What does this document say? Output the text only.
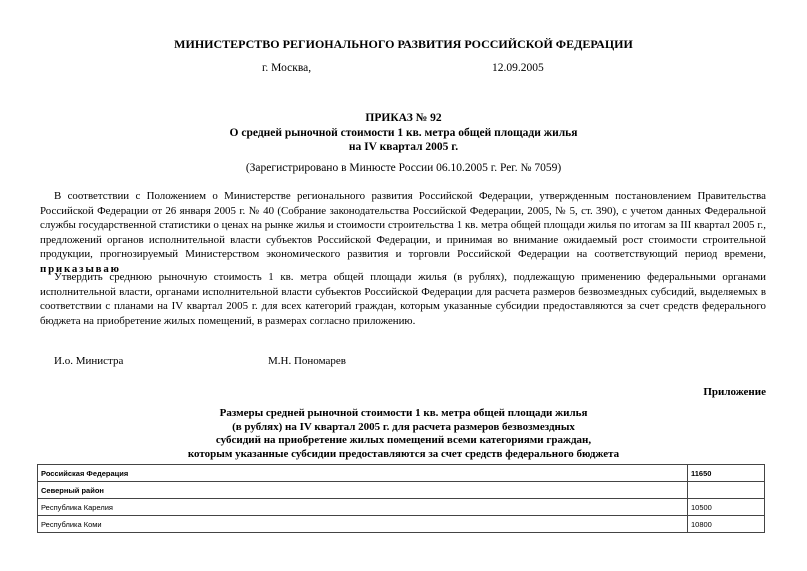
МИНИСТЕРСТВО РЕГИОНАЛЬНОГО РАЗВИТИЯ РОССИЙСКОЙ ФЕДЕРАЦИИ
г. Москва,	12.09.2005
ПРИКАЗ № 92
О средней рыночной стоимости 1 кв. метра общей площади жилья
на IV квартал 2005 г.
(Зарегистрировано в Минюсте России 06.10.2005 г. Рег. № 7059)
В соответствии с Положением о Министерстве регионального развития Российской Федерации, утвержденным постановлением Правительства Российской Федерации от 26 января 2005 г. № 40 (Собрание законодательства Российской Федерации, 2005, № 5, ст. 390), с учетом данных Федеральной службы государственной статистики о ценах на рынке жилья и стоимости строительства 1 кв. метра общей площади жилья по итогам за III квартал 2005 г., предложений органов исполнительной власти субъектов Российской Федерации, и принимая во внимание ожидаемый рост стоимости строительной продукции, прогнозируемый Министерством экономического развития и торговли Российской Федерации на соответствующий период времени, приказываю
Утвердить среднюю рыночную стоимость 1 кв. метра общей площади жилья (в рублях), подлежащую применению федеральными органами исполнительной власти, органами исполнительной власти субъектов Российской Федерации для расчета размеров безвозмездных субсидий, выделяемых в соответствии с планами на IV квартал 2005 г. для всех категорий граждан, которым указанные субсидии предоставляются за счет средств федерального бюджета на приобретение жилых помещений, в размерах согласно приложению.
И.о. Министра	М.Н. Пономарев
Приложение
Размеры средней рыночной стоимости 1 кв. метра общей площади жилья
(в рублях) на IV квартал 2005 г. для расчета размеров безвозмездных
субсидий на приобретение жилых помещений всеми категориями граждан,
которым указанные субсидии предоставляются за счет средств федерального бюджета
Российская Федерация	11650
Северный район	
Республика Карелия	10500
Республика Коми	10800
